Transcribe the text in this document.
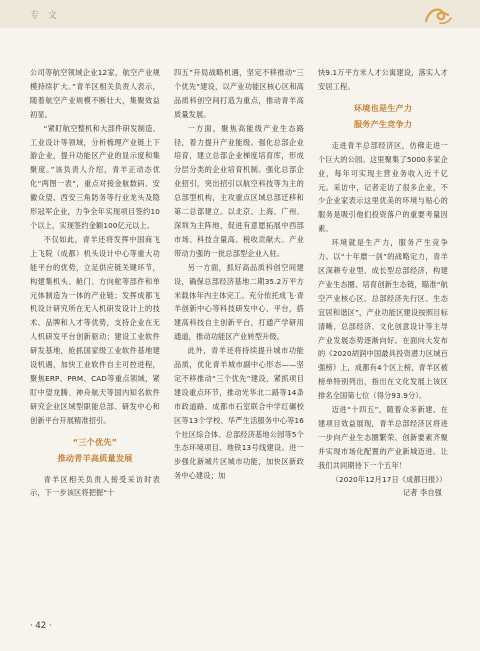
专 文

公司等航空领域企业12家，航空产业规模持续扩大。”青羊区相关负责人表示，随着航空产业规模不断壮大，集聚效益初显。

“紧盯航空整机和大部件研发制造、工业设计等领域，分析梳理产业链上下游企业，提升功能区产业的显示度和集聚度。”该负责人介绍，青羊正动态优化“两图一表”，重点对接金航数码、安徽众望、西安三角防务等行业龙头及隐形冠军企业，力争全年实现项目签约10个以上，实现签约金额100亿元以上。

不仅如此，青羊还将发挥中国商飞上飞院（成都）机头设计中心等重大功能平台的优势，立足供应链关键环节，构建集机头、舱门、方向舵等部件和单元体制造为一体的产业链；发挥成都飞机设计研究所在无人机研发设计上的技术、品牌和人才等优势，支持企业在无人机研发平台创新驱动；建设工业软件研发基地，抢抓国家级工业软件基地建设机遇，加快工业软件自主可控进程，聚焦ERP、PRM、CAD等重点领域，紧盯中望龙腾、神舟航天等国内知名软件研究企业区域型职能总部、研发中心和创新平台开展精准招引。

“三个优先”

推动青羊高质量发展

青羊区相关负责人接受采访时表示，下一步该区将把握“十

四五”开局战略机遇，坚定不移推动“三个优先”建设，以产业功能区核心区和高品质科创空间打造为重点，推动青羊高质量发展。

一方面，聚焦高能级产业生态路径，着力提升产业能级。强化总部企业培育，建立总部企业梯度培育库，形成分层分类的企业培育机制。强化总部企业招引，突出招引以航空科技等为主的总部型机构，主攻重点区域总部迁移和第二总部建立。以北京、上海、广州、深圳为主阵地，促进有意愿拓展中西部市场、科技含量高、税收贡献大、产业带动力强的一批总部型企业入驻。

另一方面，抓好高品质科创空间建设，确保总部经济基地二期35.2万平方米载体年内主体完工。充分依托成飞·青羊创新中心等科技研发中心、平台，搭建高科技自主创新平台，打通产学研用通道，推动功能区产业转型升级。

此外，青羊还将持续提升城市功能品质，优化青羊城市副中心形态——坚定不移推动“三个优先”建设，紧抓项目建设重点环节，推动光华北二路等14条市政道路、成都市石室联合中学红碾校区等13个学校、华严生活服务中心等16个社区综合体、总部经济基地公园等5个生态环境项目、地铁13号线建设。进一步强化新城片区城市功能，加快区新政务中心建设；加

快9.1万平方米人才公寓建设，落实人才安居工程。

环境也是生产力

服务产生竞争力

走进青羊总部经济区，仿佛走进一个巨大的公园。这里聚集了5000多家企业，每年可实现主营业务收入近千亿元。采访中，记者走访了很多企业，不少企业家表示这里优美的环境与贴心的服务是吸引他们投资落户的重要考量因素。

环境就是生产力，服务产生竞争力。以“十年磨一剑”的战略定力，青羊区深耕专业型、成长型总部经济，构建产业生态圈、培育创新生态链，瞄准“航空产业核心区、总部经济先行区、生态宜居和谐区”，产业功能区建设按照目标清晰、总部经济、文化创意设计等主导产业发展态势逐渐向好。在面向大发布的《2020胡润中国最具投资潜力区域百强榜》上，成都有4个区上榜，青羊区被榜单特别列出，指出在文化发展上该区排名全国第七位（得分93.9分）。

迈进“十四五”，随着众多新建、在建项目效益展现，青羊总部经济区将进一步向产业生态圈繁荣、创新要素齐聚并实现市场化配置的产业新城迈进。让我们共同期待下一个五年！

（2020年12月17日《成都日报》）

记者 李自强

· 42 ·
